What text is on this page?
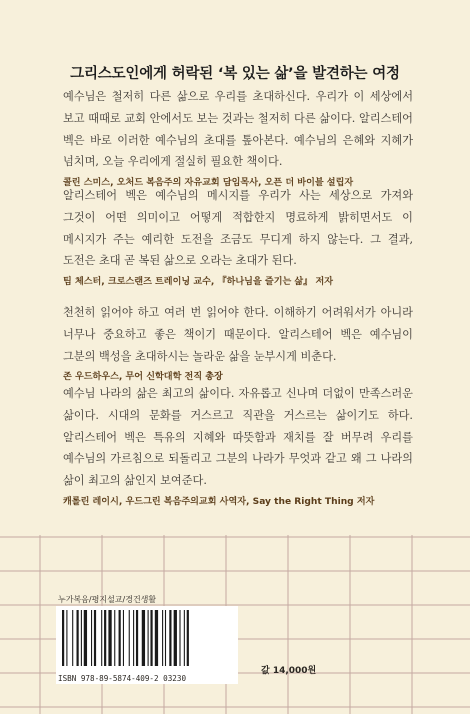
그리스도인에게 허락된 ‘복 있는 삶’을 발견하는 여정

예수님은 철저히 다른 삶으로 우리를 초대하신다. 우리가 이 세상에서 보고 때때로 교회 안에서도 보는 것과는 철저히 다른 삶이다. 알리스테어 벡은 바로 이러한 예수님의 초대를 톺아본다. 예수님의 은혜와 지혜가 넘치며, 오늘 우리에게 절실히 필요한 책이다.

콜린 스미스, 오처드 복음주의 자유교회 담임목사, 오픈 더 바이블 설립자

알리스테어 벡은 예수님의 메시지를 우리가 사는 세상으로 가져와 그것이 어떤 의미이고 어떻게 적합한지 명료하게 밝히면서도 이 메시지가 주는 예리한 도전을 조금도 무디게 하지 않는다. 그 결과, 도전은 초대 곧 복된 삶으로 오라는 초대가 된다.

팀 체스터, 크로스랜즈 트레이닝 교수, 『하나님을 즐기는 삶』 저자

천천히 읽어야 하고 여러 번 읽어야 한다. 이해하기 어려워서가 아니라 너무나 중요하고 좋은 책이기 때문이다. 알리스테어 벡은 예수님이 그분의 백성을 초대하시는 놀라운 삶을 눈부시게 비춘다.

존 우드하우스, 무어 신학대학 전직 총장

예수님 나라의 삶은 최고의 삶이다. 자유롭고 신나며 더없이 만족스러운 삶이다. 시대의 문화를 거스르고 직관을 거스르는 삶이기도 하다. 알리스테어 벡은 특유의 지혜와 따뜻함과 재치를 잘 버무려 우리를 예수님의 가르침으로 되돌리고 그분의 나라가 무엇과 같고 왜 그 나라의 삶이 최고의 삶인지 보여준다.

캐롤린 레이시, 우드그린 복음주의교회 사역자, Say the Right Thing 저자
누가복음/평지설교/경건생활
ISBN 978-89-5874-409-2 03230
값 14,000원
